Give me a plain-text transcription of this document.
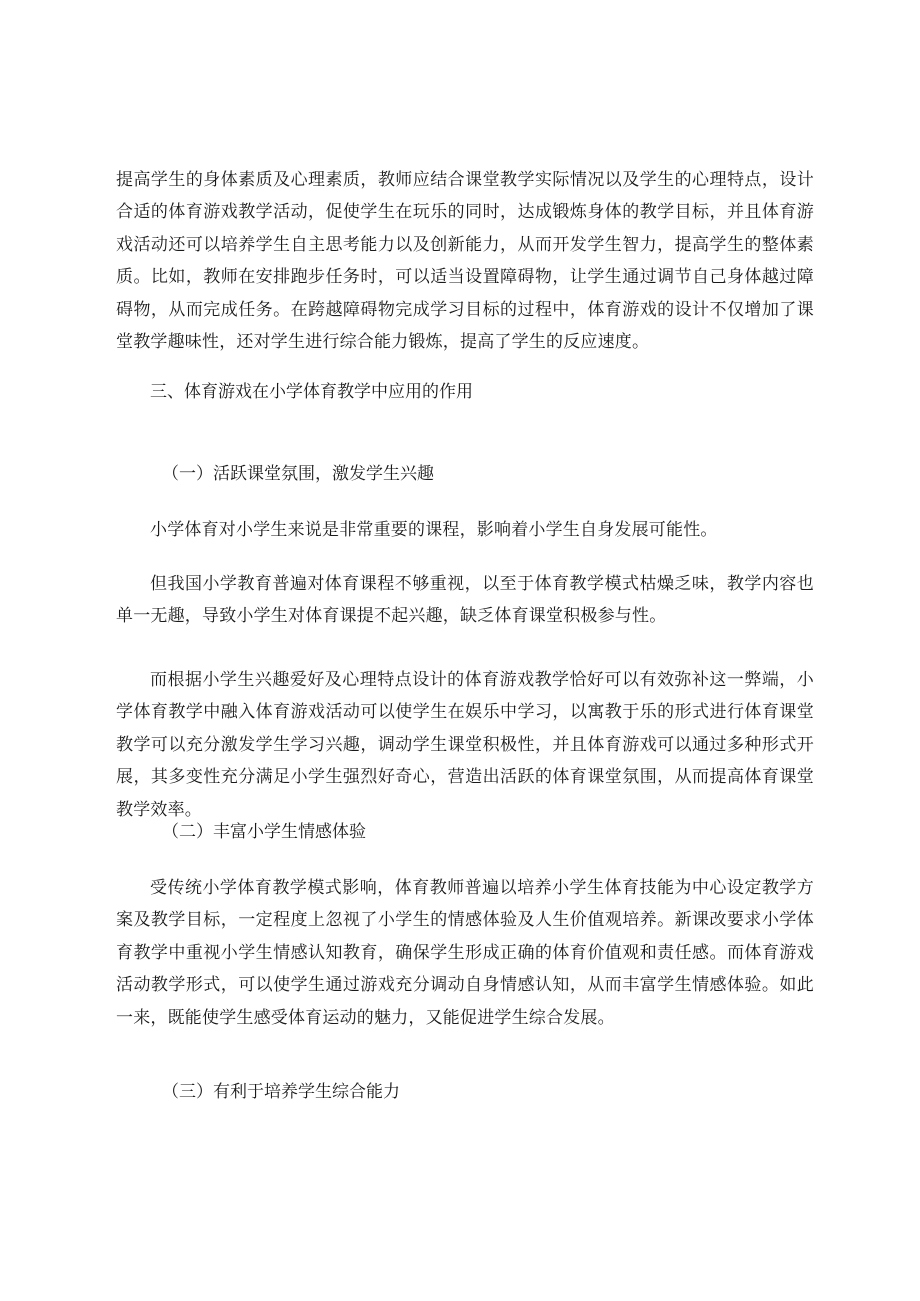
提高学生的身体素质及心理素质，教师应结合课堂教学实际情况以及学生的心理特点，设计合适的体育游戏教学活动，促使学生在玩乐的同时，达成锻炼身体的教学目标，并且体育游戏活动还可以培养学生自主思考能力以及创新能力，从而开发学生智力，提高学生的整体素质。比如，教师在安排跑步任务时，可以适当设置障碍物，让学生通过调节自己身体越过障碍物，从而完成任务。在跨越障碍物完成学习目标的过程中，体育游戏的设计不仅增加了课堂教学趣味性，还对学生进行综合能力锻炼，提高了学生的反应速度。

三、体育游戏在小学体育教学中应用的作用

（一）活跃课堂氛围，激发学生兴趣

小学体育对小学生来说是非常重要的课程，影响着小学生自身发展可能性。

但我国小学教育普遍对体育课程不够重视，以至于体育教学模式枯燥乏味，教学内容也单一无趣，导致小学生对体育课提不起兴趣，缺乏体育课堂积极参与性。

而根据小学生兴趣爱好及心理特点设计的体育游戏教学恰好可以有效弥补这一弊端，小学体育教学中融入体育游戏活动可以使学生在娱乐中学习，以寓教于乐的形式进行体育课堂教学可以充分激发学生学习兴趣，调动学生课堂积极性，并且体育游戏可以通过多种形式开展，其多变性充分满足小学生强烈好奇心，营造出活跃的体育课堂氛围，从而提高体育课堂教学效率。

（二）丰富小学生情感体验

受传统小学体育教学模式影响，体育教师普遍以培养小学生体育技能为中心设定教学方案及教学目标，一定程度上忽视了小学生的情感体验及人生价值观培养。新课改要求小学体育教学中重视小学生情感认知教育，确保学生形成正确的体育价值观和责任感。而体育游戏活动教学形式，可以使学生通过游戏充分调动自身情感认知，从而丰富学生情感体验。如此一来，既能使学生感受体育运动的魅力，又能促进学生综合发展。

（三）有利于培养学生综合能力
